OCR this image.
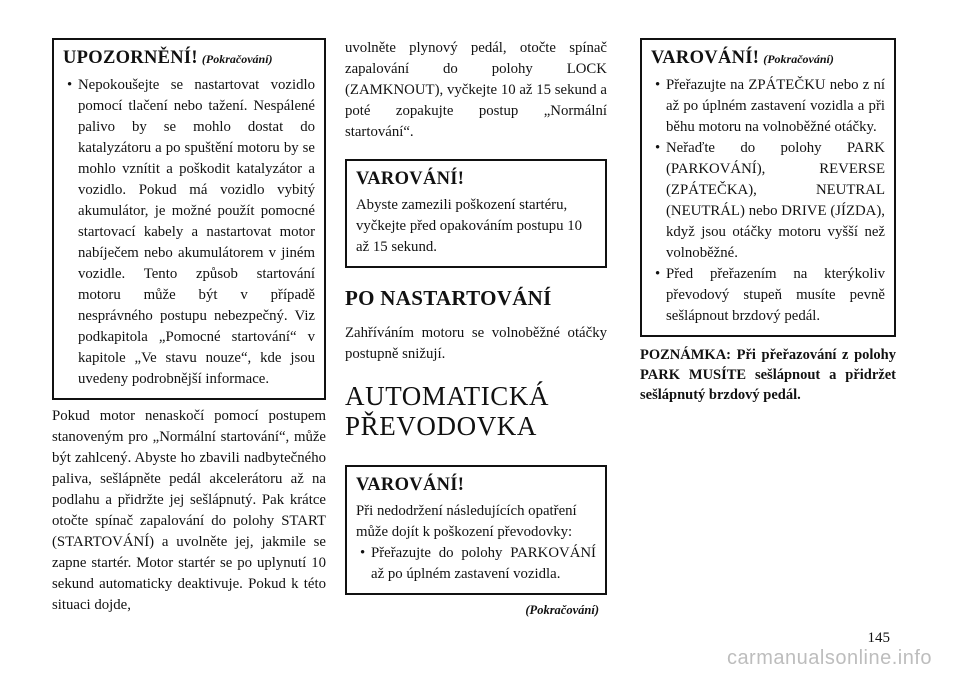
UPOZORNĚNÍ! (Pokračování)
• Nepokoušejte se nastartovat vozidlo pomocí tlačení nebo tažení. Nespálené palivo by se mohlo dostat do katalyzátoru a po spuštění motoru by se mohlo vznítit a poškodit katalyzátor a vozidlo. Pokud má vozidlo vybitý akumulátor, je možné použít pomocné startovací kabely a nastartovat motor nabíječem nebo akumulátorem v jiném vozidle. Tento způsob startování motoru může být v případě nesprávného postupu nebezpečný. Viz podkapitola „Pomocné startování“ v kapitole „Ve stavu nouze“, kde jsou uvedeny podrobnější informace.

Pokud motor nenaskočí pomocí postupem stanoveným pro „Normální startování“, může být zahlcený. Abyste ho zbavili nadbytečného paliva, sešlápněte pedál akcelerátoru až na podlahu a přidržte jej sešlápnutý. Pak krátce otočte spínač zapalování do polohy START (STARTOVÁNÍ) a uvolněte jej, jakmile se zapne startér. Motor startér se po uplynutí 10 sekund automaticky deaktivuje. Pokud k této situaci dojde,

uvolněte plynový pedál, otočte spínač zapalování do polohy LOCK (ZAMKNOUT), vyčkejte 10 až 15 sekund a poté zopakujte postup „Normální startování“.

VAROVÁNÍ!

Abyste zamezili poškození startéru, vyčkejte před opakováním postupu 10 až 15 sekund.

PO NASTARTOVÁNÍ

Zahříváním motoru se volnoběžné otáčky postupně snižují.

AUTOMATICKÁ
PŘEVODOVKA
VAROVÁNÍ!

Při nedodržení následujících opatření může dojít k poškození převodovky:

• Přeřazujte do polohy PARKOVÁNÍ až po úplném zastavení vozidla.
(Pokračování)
VAROVÁNÍ! (Pokračování)
• Přeřazujte na ZPÁTEČKU nebo z ní až po úplném zastavení vozidla a při běhu motoru na volnoběžné otáčky.
• Neřaďte do polohy PARK (PARKOVÁNÍ), REVERSE (ZPÁTEČKA), NEUTRAL (NEUTRÁL) nebo DRIVE (JÍZDA), když jsou otáčky motoru vyšší než volnoběžné.
• Před přeřazením na kterýkoliv převodový stupeň musíte pevně sešlápnout brzdový pedál.
POZNÁMKA: Při přeřazování z polohy PARK MUSÍTE sešlápnout a přidržet sešlápnutý brzdový pedál.
145
carmanualsonline.info
